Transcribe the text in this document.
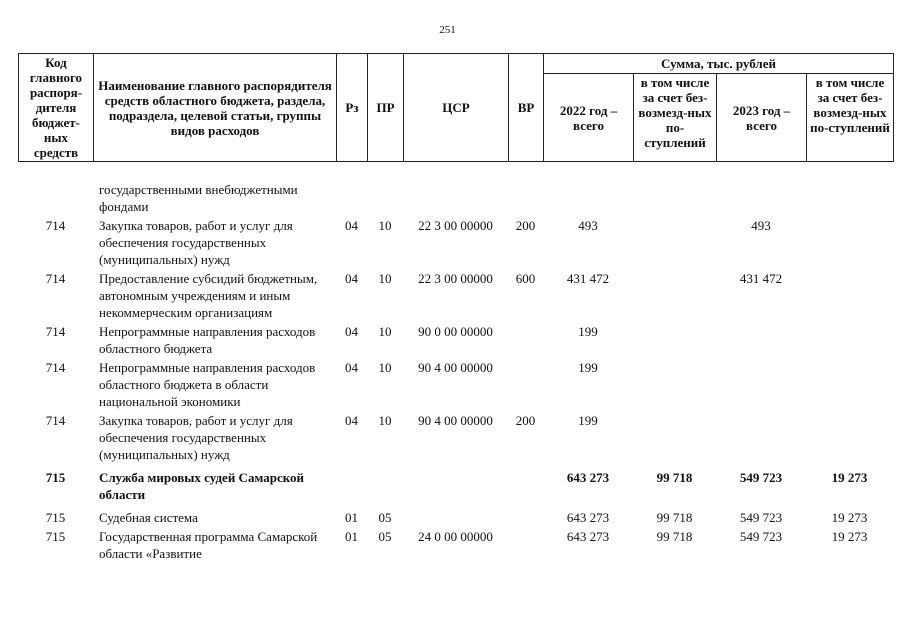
251
Код главного распоря-дителя бюджет-ных средств	Наименование главного распорядителя средств областного бюджета, раздела, подраздела, целевой статьи, группы видов расходов	Рз	ПР	ЦСР	ВР	Сумма, тыс. рублей			
						2022 год – всего	в том числе за счет без-возмезд-ных по-ступлений	2023 год – всего	в том числе за счет без-возмезд-ных по-ступлений
	государственными внебюджетными фондами								
714	Закупка товаров, работ и услуг для обеспечения государственных (муниципальных) нужд	04	10	22 3 00 00000	200	493		493	
714	Предоставление субсидий бюджетным, автономным учреждениям и иным некоммерческим организациям	04	10	22 3 00 00000	600	431 472		431 472	
714	Непрограммные направления расходов областного бюджета	04	10	90 0 00 00000		199			
714	Непрограммные направления расходов областного бюджета в области национальной экономики	04	10	90 4 00 00000		199			
714	Закупка товаров, работ и услуг для обеспечения государственных (муниципальных) нужд	04	10	90 4 00 00000	200	199			
715	Служба мировых судей Самарской области					643 273	99 718	549 723	19 273
715	Судебная система	01	05			643 273	99 718	549 723	19 273
715	Государственная программа Самарской области «Развитие	01	05	24 0 00 00000		643 273	99 718	549 723	19 273
